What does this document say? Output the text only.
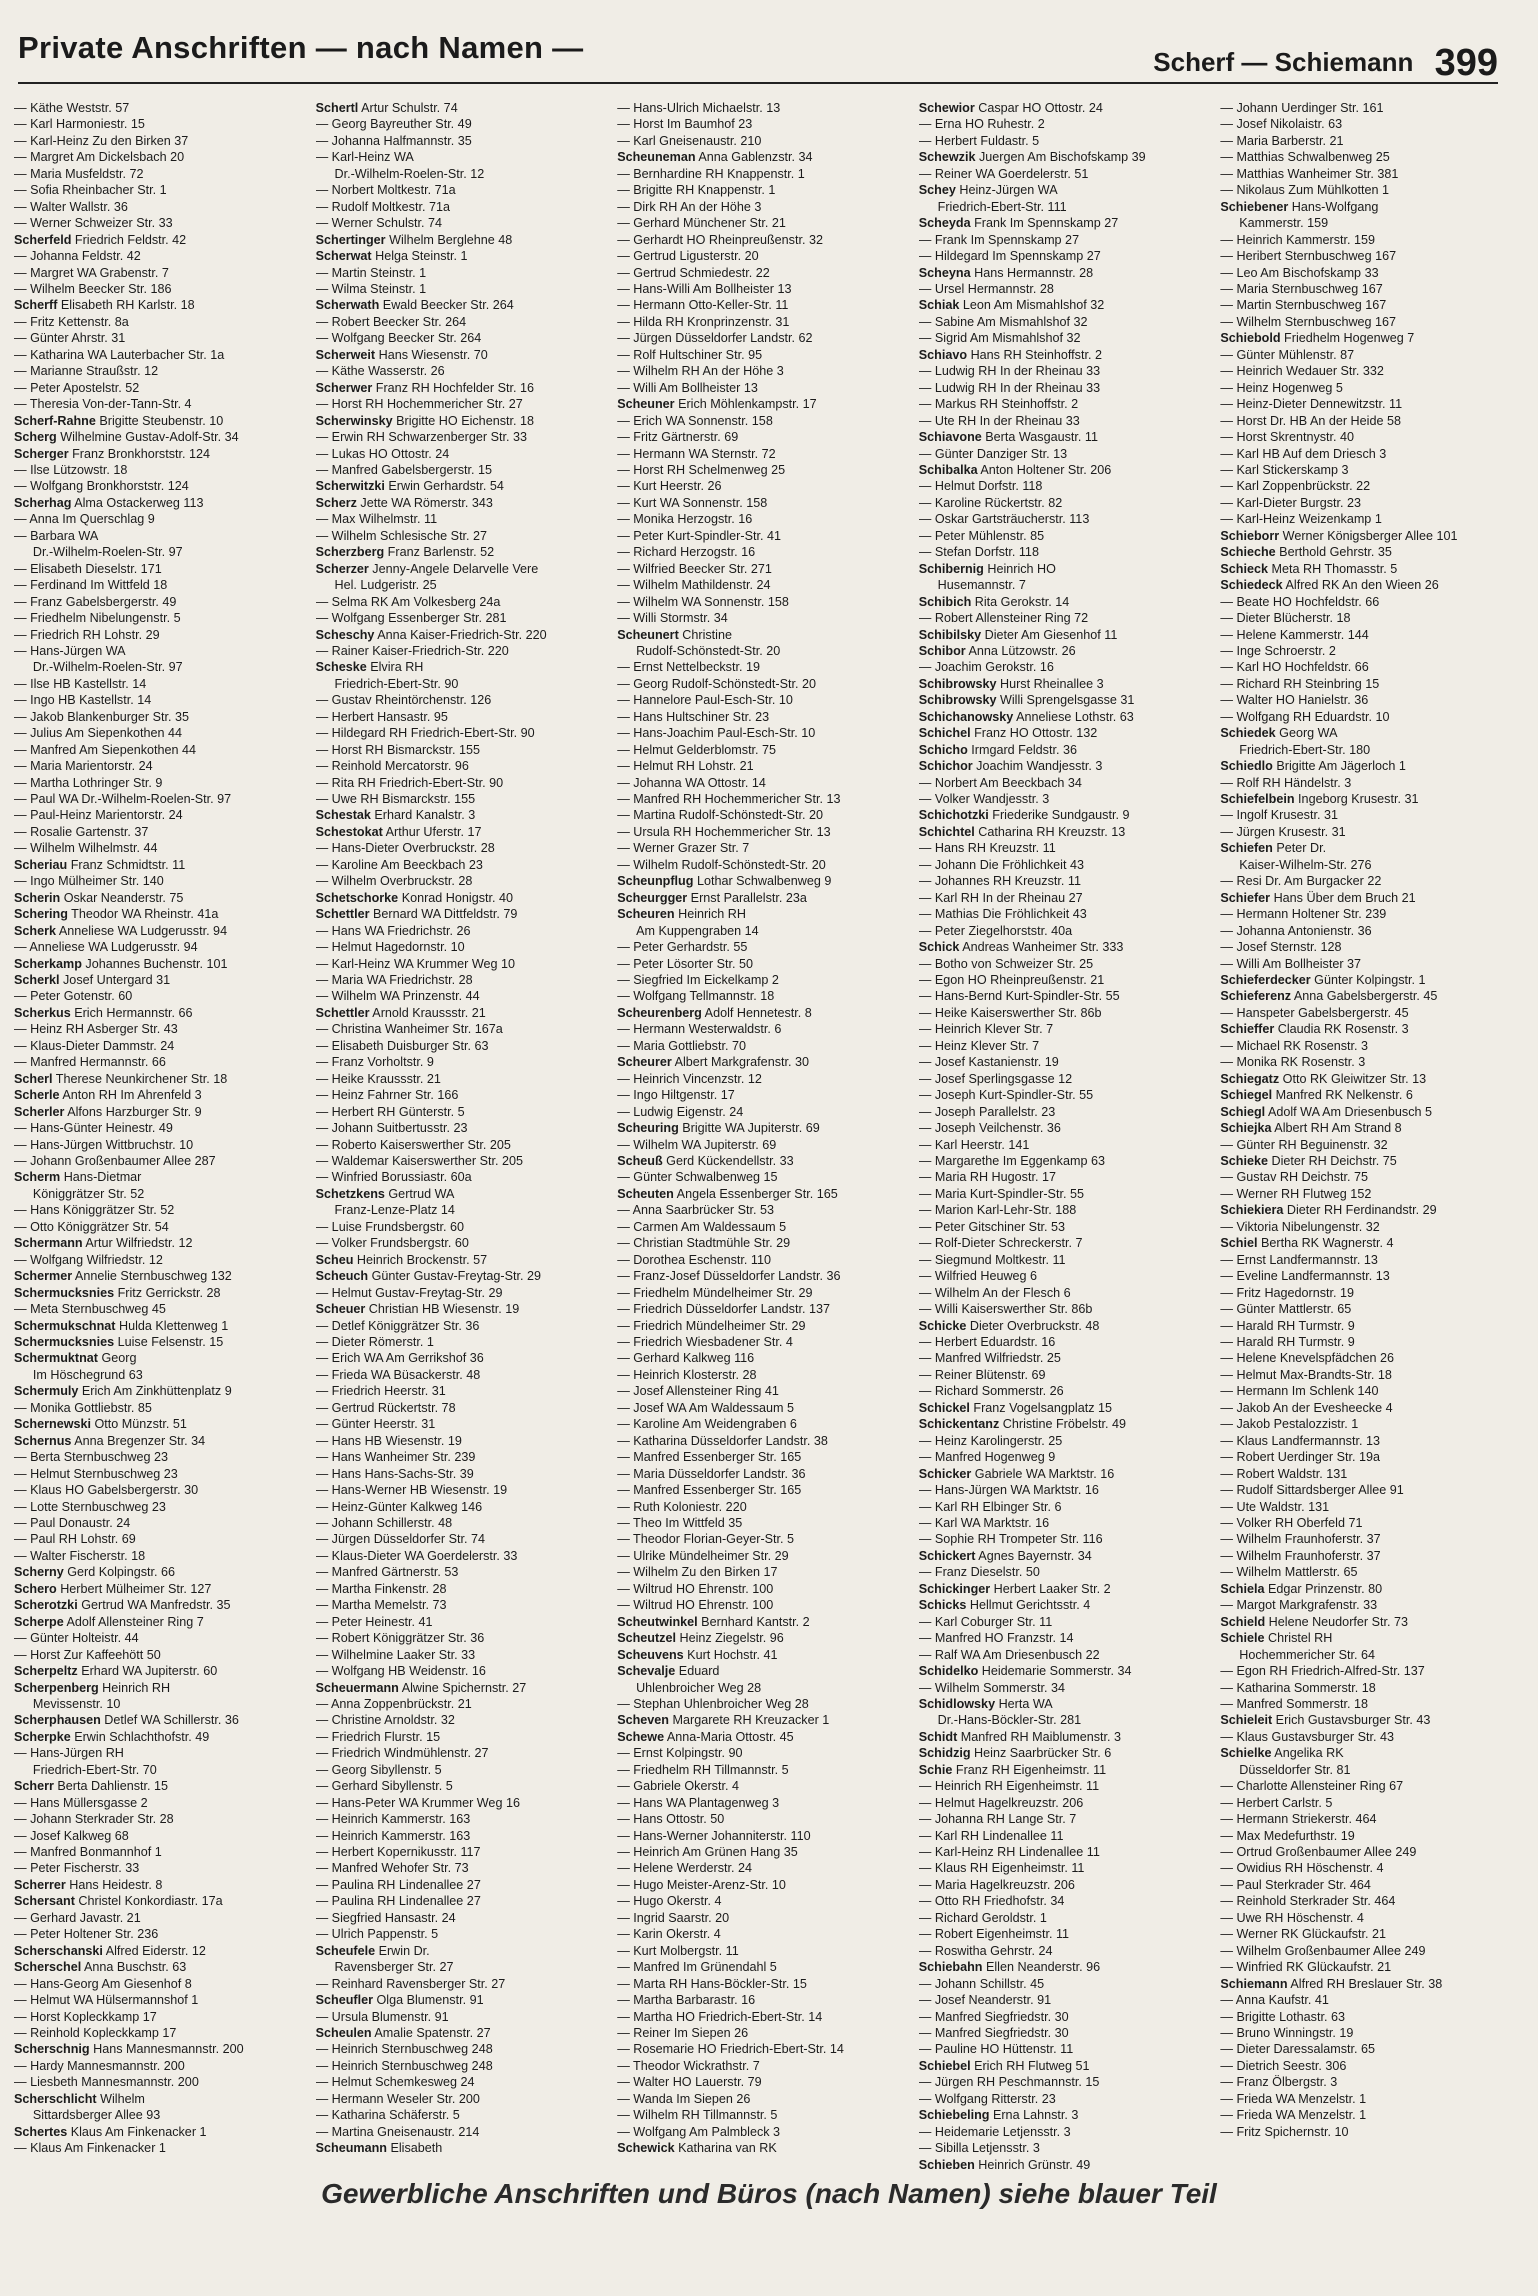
Private Anschriften — nach Namen —	Scherf — Schiemann 399
— Käthe Weststr. 57
— Karl Harmoniestr. 15
— Karl-Heinz Zu den Birken 37
— Margret Am Dickelsbach 20
— Maria Musfeldstr. 72
— Sofia Rheinbacher Str. 1
— Walter Wallstr. 36
— Werner Schweizer Str. 33
Scherfeld Friedrich Feldstr. 42
— Johanna Feldstr. 42
— Margret WA Grabenstr. 7
— Wilhelm Beecker Str. 186
Scherff Elisabeth RH Karlstr. 18
— Fritz Kettenstr. 8a
— Günter Ahrstr. 31
— Katharina WA Lauterbacher Str. 1a
— Marianne Straußstr. 12
— Peter Apostelstr. 52
— Theresia Von-der-Tann-Str. 4
Scherf-Rahne Brigitte Steubenstr. 10
Scherg Wilhelmine Gustav-Adolf-Str. 34
Scherger Franz Bronkhorststr. 124
— Ilse Lützowstr. 18
— Wolfgang Bronkhorststr. 124
Scherhag Alma Ostackerweg 113
— Anna Im Querschlag 9
— Barbara WA
  Dr.-Wilhelm-Roelen-Str. 97
— Elisabeth Dieselstr. 171
— Ferdinand Im Wittfeld 18
— Franz Gabelsbergerstr. 49
— Friedhelm Nibelungenstr. 5
— Friedrich RH Lohstr. 29
— Hans-Jürgen WA
  Dr.-Wilhelm-Roelen-Str. 97
— Ilse HB Kastellstr. 14
— Ingo HB Kastellstr. 14
— Jakob Blankenburger Str. 35
— Julius Am Siepenkothen 44
— Manfred Am Siepenkothen 44
— Maria Marientorstr. 24
— Martha Lothringer Str. 9
— Paul WA Dr.-Wilhelm-Roelen-Str. 97
— Paul-Heinz Marientorstr. 24
— Rosalie Gartenstr. 37
— Wilhelm Wilhelmstr. 44
Scheriau Franz Schmidtstr. 11
— Ingo Mülheimer Str. 140
Scherin Oskar Neanderstr. 75
Schering Theodor WA Rheinstr. 41a
Scherk Anneliese WA Ludgerusstr. 94
— Anneliese WA Ludgerusstr. 94
Scherkamp Johannes Buchenstr. 101
Scherkl Josef Untergard 31
— Peter Gotenstr. 60
Scherkus Erich Hermannstr. 66
— Heinz RH Asberger Str. 43
— Klaus-Dieter Dammstr. 24
— Manfred Hermannstr. 66
Scherl Therese Neunkirchener Str. 18
Scherle Anton RH Im Ahrenfeld 3
Scherler Alfons Harzburger Str. 9
— Hans-Günter Heinestr. 49
— Hans-Jürgen Wittbruchstr. 10
— Johann Großenbaumer Allee 287
Scherm Hans-Dietmar
  Königgrätzer Str. 52
— Hans Königgrätzer Str. 52
— Otto Königgrätzer Str. 54
Schermann Artur Wilfriedstr. 12
— Wolfgang Wilfriedstr. 12
Schermer Annelie Sternbuschweg 132
Schermucksnies Fritz Gerrickstr. 28
— Meta Sternbuschweg 45
Schermukschnat Hulda Klettenweg 1
Schermucksnies Luise Felsenstr. 15
Schermuktnat Georg
  Im Höschegrund 63
Schermuly Erich Am Zinkhüttenplatz 9
— Monika Gottliebstr. 85
Schernewski Otto Münzstr. 51
Schernus Anna Bregenzer Str. 34
— Berta Sternbuschweg 23
— Helmut Sternbuschweg 23
— Klaus HO Gabelsbergerstr. 30
— Lotte Sternbuschweg 23
— Paul Donaustr. 24
— Paul RH Lohstr. 69
— Walter Fischerstr. 18
Scherny Gerd Kolpingstr. 66
Schero Herbert Mülheimer Str. 127
Scherotzki Gertrud WA Manfredstr. 35
Scherpe Adolf Allensteiner Ring 7
— Günter Holteistr. 44
— Horst Zur Kaffeehött 50
Scherpeltz Erhard WA Jupiterstr. 60
Scherpenberg Heinrich RH
  Mevissenstr. 10
Scherphausen Detlef WA Schillerstr. 36
Scherpke Erwin Schlachthofstr. 49
— Hans-Jürgen RH
  Friedrich-Ebert-Str. 70
Scherr Berta Dahlienstr. 15
— Hans Müllersgasse 2
— Johann Sterkrader Str. 28
— Josef Kalkweg 68
— Manfred Bonmannhof 1
— Peter Fischerstr. 33
Scherrer Hans Heidestr. 8
Schersant Christel Konkordiastr. 17a
— Gerhard Javastr. 21
— Peter Holtener Str. 236
Scherschanski Alfred Eiderstr. 12
Scherschel Anna Buschstr. 63
— Hans-Georg Am Giesenhof 8
— Helmut WA Hülsermannshof 1
— Horst Kopleckkamp 17
— Reinhold Kopleckkamp 17
Scherschnig Hans Mannesmannstr. 200
— Hardy Mannesmannstr. 200
— Liesbeth Mannesmannstr. 200
Scherschlicht Wilhelm
  Sittardsberger Allee 93
Schertes Klaus Am Finkenacker 1
— Klaus Am Finkenacker 1
Schertl Artur Schulstr. 74
— Georg Bayreuther Str. 49
— Johanna Halfmannstr. 35
— Karl-Heinz WA
  Dr.-Wilhelm-Roelen-Str. 12
— Norbert Moltkestr. 71a
— Rudolf Moltkestr. 71a
— Werner Schulstr. 74
Schertinger Wilhelm Berglehne 48
Scherwat Helga Steinstr. 1
— Martin Steinstr. 1
— Wilma Steinstr. 1
Scherwath Ewald Beecker Str. 264
— Robert Beecker Str. 264
— Wolfgang Beecker Str. 264
Scherweit Hans Wiesenstr. 70
— Käthe Wasserstr. 26
Scherwer Franz RH Hochfelder Str. 16
— Horst RH Hochemmericher Str. 27
Scherwinsky Brigitte HO Eichenstr. 18
— Erwin RH Schwarzenberger Str. 33
— Lukas HO Ottostr. 24
— Manfred Gabelsbergerstr. 15
Scherwitzki Erwin Gerhardstr. 54
Scherz Jette WA Römerstr. 343
— Max Wilhelmstr. 11
— Wilhelm Schlesische Str. 27
Scherzberg Franz Barlenstr. 52
Scherzer Jenny-Angele Delarvelle Vere
  Hel. Ludgeristr. 25
— Selma RK Am Volkesberg 24a
— Wolfgang Essenberger Str. 281
Scheschy Anna Kaiser-Friedrich-Str. 220
— Rainer Kaiser-Friedrich-Str. 220
Scheske Elvira RH
  Friedrich-Ebert-Str. 90
— Gustav Rheintörchenstr. 126
— Herbert Hansastr. 95
— Hildegard RH Friedrich-Ebert-Str. 90
— Horst RH Bismarckstr. 155
— Reinhold Mercatorstr. 96
— Rita RH Friedrich-Ebert-Str. 90
— Uwe RH Bismarckstr. 155
Schestak Erhard Kanalstr. 3
Schestokat Arthur Uferstr. 17
— Hans-Dieter Overbruckstr. 28
— Karoline Am Beeckbach 23
— Wilhelm Overbruckstr. 28
Schetschorke Konrad Honigstr. 40
Schettler Bernard WA Dittfeldstr. 79
— Hans WA Friedrichstr. 26
— Helmut Hagedornstr. 10
— Karl-Heinz WA Krummer Weg 10
— Maria WA Friedrichstr. 28
— Wilhelm WA Prinzenstr. 44
Schettler Arnold Kraussstr. 21
— Christina Wanheimer Str. 167a
— Elisabeth Duisburger Str. 63
— Franz Vorholtstr. 9
— Heike Kraussstr. 21
— Heinz Fahrner Str. 166
— Herbert RH Günterstr. 5
— Johann Suitbertusstr. 23
— Roberto Kaiserswerther Str. 205
— Waldemar Kaiserswerther Str. 205
— Winfried Borussiastr. 60a
Schetzkens Gertrud WA
  Franz-Lenze-Platz 14
— Luise Frundsbergstr. 60
— Volker Frundsbergstr. 60
Scheu Heinrich Brockenstr. 57
Scheuch Günter Gustav-Freytag-Str. 29
— Helmut Gustav-Freytag-Str. 29
Scheuer Christian HB Wiesenstr. 19
— Detlef Königgrätzer Str. 36
— Dieter Römerstr. 1
— Erich WA Am Gerrikshof 36
— Frieda WA Büsackerstr. 48
— Friedrich Heerstr. 31
— Gertrud Rückertstr. 78
— Günter Heerstr. 31
— Hans HB Wiesenstr. 19
— Hans Wanheimer Str. 239
— Hans Hans-Sachs-Str. 39
— Hans-Werner HB Wiesenstr. 19
— Heinz-Günter Kalkweg 146
— Johann Schillerstr. 48
— Jürgen Düsseldorfer Str. 74
— Klaus-Dieter WA Goerdelerstr. 33
— Manfred Gärtnerstr. 53
— Martha Finkenstr. 28
— Martha Memelstr. 73
— Peter Heinestr. 41
— Robert Königgrätzer Str. 36
— Wilhelmine Laaker Str. 33
— Wolfgang HB Weidenstr. 16
Scheuermann Alwine Spichernstr. 27
— Anna Zoppenbrückstr. 21
— Christine Arnoldstr. 32
— Friedrich Flurstr. 15
— Friedrich Windmühlenstr. 27
— Georg Sibyllenstr. 5
— Gerhard Sibyllenstr. 5
— Hans-Peter WA Krummer Weg 16
— Heinrich Kammerstr. 163
— Heinrich Kammerstr. 163
— Herbert Kopernikusstr. 117
— Manfred Wehofer Str. 73
— Paulina RH Lindenallee 27
— Paulina RH Lindenallee 27
— Siegfried Hansastr. 24
— Ulrich Pappenstr. 5
Scheufele Erwin Dr.
  Ravensberger Str. 27
— Reinhard Ravensberger Str. 27
Scheufler Olga Blumenstr. 91
— Ursula Blumenstr. 91
Scheulen Amalie Spatenstr. 27
— Heinrich Sternbuschweg 248
— Heinrich Sternbuschweg 248
— Helmut Schemkesweg 24
— Hermann Weseler Str. 200
— Katharina Schäferstr. 5
— Martina Gneisenaustr. 214
Scheumann Elisabeth
— Hans-Ulrich Michaelstr. 13
— Horst Im Baumhof 23
— Karl Gneisenaustr. 210
Scheuneman Anna Gablenzstr. 34
— Bernhardine RH Knappenstr. 1
— Brigitte RH Knappenstr. 1
— Dirk RH An der Höhe 3
— Gerhard Münchener Str. 21
— Gerhardt HO Rheinpreußenstr. 32
— Gertrud Ligusterstr. 20
— Gertrud Schmiedestr. 22
— Hans-Willi Am Bollheister 13
— Hermann Otto-Keller-Str. 11
— Hilda RH Kronprinzenstr. 31
— Jürgen Düsseldorfer Landstr. 62
— Rolf Hultschiner Str. 95
— Wilhelm RH An der Höhe 3
— Willi Am Bollheister 13
Scheuner Erich Möhlenkampstr. 17
— Erich WA Sonnenstr. 158
— Fritz Gärtnerstr. 69
— Hermann WA Sternstr. 72
— Horst RH Schelmenweg 25
— Kurt Heerstr. 26
— Kurt WA Sonnenstr. 158
— Monika Herzogstr. 16
— Peter Kurt-Spindler-Str. 41
— Richard Herzogstr. 16
— Wilfried Beecker Str. 271
— Wilhelm Mathildenstr. 24
— Wilhelm WA Sonnenstr. 158
— Willi Stormstr. 34
Scheunert Christine
  Rudolf-Schönstedt-Str. 20
— Ernst Nettelbeckstr. 19
— Georg Rudolf-Schönstedt-Str. 20
— Hannelore Paul-Esch-Str. 10
— Hans Hultschiner Str. 23
— Hans-Joachim Paul-Esch-Str. 10
— Helmut Gelderblomstr. 75
— Helmut RH Lohstr. 21
— Johanna WA Ottostr. 14
— Manfred RH Hochemmericher Str. 13
— Martina Rudolf-Schönstedt-Str. 20
— Ursula RH Hochemmericher Str. 13
— Werner Grazer Str. 7
— Wilhelm Rudolf-Schönstedt-Str. 20
Scheunpflug Lothar Schwalbenweg 9
Scheurgger Ernst Parallelstr. 23a
Scheuren Heinrich RH
  Am Kuppengraben 14
— Peter Gerhardstr. 55
— Peter Lösorter Str. 50
— Siegfried Im Eickelkamp 2
— Wolfgang Tellmannstr. 18
Scheurenberg Adolf Hennetestr. 8
— Hermann Westerwaldstr. 6
— Maria Gottliebstr. 70
Scheurer Albert Markgrafenstr. 30
— Heinrich Vincenzstr. 12
— Ingo Hiltgenstr. 17
— Ludwig Eigenstr. 24
Scheuring Brigitte WA Jupiterstr. 69
— Wilhelm WA Jupiterstr. 69
Scheuß Gerd Kückendellstr. 33
— Günter Schwalbenweg 15
Scheuten Angela Essenberger Str. 165
— Anna Saarbrücker Str. 53
— Carmen Am Waldessaum 5
— Christian Stadtmühle Str. 29
— Dorothea Eschenstr. 110
— Franz-Josef Düsseldorfer Landstr. 36
— Friedhelm Mündelheimer Str. 29
— Friedrich Düsseldorfer Landstr. 137
— Friedrich Mündelheimer Str. 29
— Friedrich Wiesbadener Str. 4
— Gerhard Kalkweg 116
— Heinrich Klosterstr. 28
— Josef Allensteiner Ring 41
— Josef WA Am Waldessaum 5
— Karoline Am Weidengraben 6
— Katharina Düsseldorfer Landstr. 38
— Manfred Essenberger Str. 165
— Maria Düsseldorfer Landstr. 36
— Manfred Essenberger Str. 165
— Ruth Koloniestr. 220
— Theo Im Wittfeld 35
— Theodor Florian-Geyer-Str. 5
— Ulrike Mündelheimer Str. 29
— Wilhelm Zu den Birken 17
— Wiltrud HO Ehrenstr. 100
— Wiltrud HO Ehrenstr. 100
Scheutwinkel Bernhard Kantstr. 2
Scheutzel Heinz Ziegelstr. 96
Scheuvens Kurt Hochstr. 41
Schevalje Eduard
  Uhlenbroicher Weg 28
— Stephan Uhlenbroicher Weg 28
Scheven Margarete RH Kreuzacker 1
Schewe Anna-Maria Ottostr. 45
— Ernst Kolpingstr. 90
— Friedhelm RH Tillmannstr. 5
— Gabriele Okerstr. 4
— Hans WA Plantagenweg 3
— Hans Ottostr. 50
— Hans-Werner Johanniterstr. 110
— Heinrich Am Grünen Hang 35
— Helene Werderstr. 24
— Hugo Meister-Arenz-Str. 10
— Hugo Okerstr. 4
— Ingrid Saarstr. 20
— Karin Okerstr. 4
— Kurt Molbergstr. 11
— Manfred Im Grünendahl 5
— Marta RH Hans-Böckler-Str. 15
— Martha Barbarastr. 16
— Martha HO Friedrich-Ebert-Str. 14
— Reiner Im Siepen 26
— Rosemarie HO Friedrich-Ebert-Str. 14
— Theodor Wickrathstr. 7
— Walter HO Lauerstr. 79
— Wanda Im Siepen 26
— Wilhelm RH Tillmannstr. 5
— Wolfgang Am Palmbleck 3
Schewick Katharina van RK
Schewior Caspar HO Ottostr. 24
— Erna HO Ruhestr. 2
— Herbert Fuldastr. 5
Schewzik Juergen Am Bischofskamp 39
— Reiner WA Goerdelerstr. 51
Schey Heinz-Jürgen WA
  Friedrich-Ebert-Str. 111
Scheyda Frank Im Spennskamp 27
— Frank Im Spennskamp 27
— Hildegard Im Spennskamp 27
Scheyna Hans Hermannstr. 28
— Ursel Hermannstr. 28
Schiak Leon Am Mismahlshof 32
— Sabine Am Mismahlshof 32
— Sigrid Am Mismahlshof 32
Schiavo Hans RH Steinhoffstr. 2
— Ludwig RH In der Rheinau 33
— Ludwig RH In der Rheinau 33
— Markus RH Steinhoffstr. 2
— Ute RH In der Rheinau 33
Schiavone Berta Wasgaustr. 11
— Günter Danziger Str. 13
Schibalka Anton Holtener Str. 206
— Helmut Dorfstr. 118
— Karoline Rückertstr. 82
— Oskar Gartsträucherstr. 113
— Peter Mühlenstr. 85
— Stefan Dorfstr. 118
Schibernig Heinrich HO
  Husemannstr. 7
Schibich Rita Gerokstr. 14
— Robert Allensteiner Ring 72
Schibilsky Dieter Am Giesenhof 11
Schibor Anna Lützowstr. 26
— Joachim Gerokstr. 16
Schibrowsky Hurst Rheinallee 3
Schibrowsky Willi Sprengelsgasse 31
Schichanowsky Anneliese Lothstr. 63
Schichel Franz HO Ottostr. 132
Schicho Irmgard Feldstr. 36
Schichor Joachim Wandjesstr. 3
— Norbert Am Beeckbach 34
— Volker Wandjesstr. 3
Schichotzki Friederike Sundgaustr. 9
Schichtel Catharina RH Kreuzstr. 13
— Hans RH Kreuzstr. 11
— Johann Die Fröhlichkeit 43
— Johannes RH Kreuzstr. 11
— Karl RH In der Rheinau 27
— Mathias Die Fröhlichkeit 43
— Peter Ziegelhorststr. 40a
Schick Andreas Wanheimer Str. 333
— Botho von Schweizer Str. 25
— Egon HO Rheinpreußenstr. 21
— Hans-Bernd Kurt-Spindler-Str. 55
— Heike Kaiserswerther Str. 86b
— Heinrich Klever Str. 7
— Heinz Klever Str. 7
— Josef Kastanienstr. 19
— Josef Sperlingsgasse 12
— Joseph Kurt-Spindler-Str. 55
— Joseph Parallelstr. 23
— Joseph Veilchenstr. 36
— Karl Heerstr. 141
— Margarethe Im Eggenkamp 63
— Maria RH Hugostr. 17
— Maria Kurt-Spindler-Str. 55
— Marion Karl-Lehr-Str. 188
— Peter Gitschiner Str. 53
— Rolf-Dieter Schreckerstr. 7
— Siegmund Moltkestr. 11
— Wilfried Heuweg 6
— Wilhelm An der Flesch 6
— Willi Kaiserswerther Str. 86b
Schicke Dieter Overbruckstr. 48
— Herbert Eduardstr. 16
— Manfred Wilfriedstr. 25
— Reiner Blütenstr. 69
— Richard Sommerstr. 26
Schickel Franz Vogelsangplatz 15
Schickentanz Christine Fröbelstr. 49
— Heinz Karolingerstr. 25
— Manfred Hogenweg 9
Schicker Gabriele WA Marktstr. 16
— Hans-Jürgen WA Marktstr. 16
— Karl RH Elbinger Str. 6
— Karl WA Marktstr. 16
— Sophie RH Trompeter Str. 116
Schickert Agnes Bayernstr. 34
— Franz Dieselstr. 50
Schickinger Herbert Laaker Str. 2
Schicks Hellmut Gerichtsstr. 4
— Karl Coburger Str. 11
— Manfred HO Franzstr. 14
— Ralf WA Am Driesenbusch 22
Schidelko Heidemarie Sommerstr. 34
— Wilhelm Sommerstr. 34
Schidlowsky Herta WA
  Dr.-Hans-Böckler-Str. 281
Schidt Manfred RH Maiblumenstr. 3
Schidzig Heinz Saarbrücker Str. 6
Schie Franz RH Eigenheimstr. 11
— Heinrich RH Eigenheimstr. 11
— Helmut Hagelkreuzstr. 206
— Johanna RH Lange Str. 7
— Karl RH Lindenallee 11
— Karl-Heinz RH Lindenallee 11
— Klaus RH Eigenheimstr. 11
— Maria Hagelkreuzstr. 206
— Otto RH Friedhofstr. 34
— Richard Geroldstr. 1
— Robert Eigenheimstr. 11
— Roswitha Gehrstr. 24
Schiebahn Ellen Neanderstr. 96
— Johann Schillstr. 45
— Josef Neanderstr. 91
— Manfred Siegfriedstr. 30
— Manfred Siegfriedstr. 30
— Pauline HO Hüttenstr. 11
Schiebel Erich RH Flutweg 51
— Jürgen RH Peschmannstr. 15
— Wolfgang Ritterstr. 23
Schiebeling Erna Lahnstr. 3
— Heidemarie Letjensstr. 3
— Sibilla Letjensstr. 3
Schieben Heinrich Grünstr. 49
— Johann Uerdinger Str. 161
— Josef Nikolaistr. 63
— Maria Barberstr. 21
— Matthias Schwalbenweg 25
— Matthias Wanheimer Str. 381
— Nikolaus Zum Mühlkotten 1
Schiebener Hans-Wolfgang
  Kammerstr. 159
— Heinrich Kammerstr. 159
— Heribert Sternbuschweg 167
— Leo Am Bischofskamp 33
— Maria Sternbuschweg 167
— Martin Sternbuschweg 167
— Wilhelm Sternbuschweg 167
Schiebold Friedhelm Hogenweg 7
— Günter Mühlenstr. 87
— Heinrich Wedauer Str. 332
— Heinz Hogenweg 5
— Heinz-Dieter Dennewitzstr. 11
— Horst Dr. HB An der Heide 58
— Horst Skrentnystr. 40
— Karl HB Auf dem Driesch 3
— Karl Stickerskamp 3
— Karl Zoppenbrückstr. 22
— Karl-Dieter Burgstr. 23
— Karl-Heinz Weizenkamp 1
Schieborr Werner Königsberger Allee 101
Schieche Berthold Gehrstr. 35
Schieck Meta RH Thomasstr. 5
Schiedeck Alfred RK An den Wieen 26
— Beate HO Hochfeldstr. 66
— Dieter Blücherstr. 18
— Helene Kammerstr. 144
— Inge Schroerstr. 2
— Karl HO Hochfeldstr. 66
— Richard RH Steinbring 15
— Walter HO Hanielstr. 36
— Wolfgang RH Eduardstr. 10
Schiedek Georg WA
  Friedrich-Ebert-Str. 180
Schiedlo Brigitte Am Jägerloch 1
— Rolf RH Händelstr. 3
Schiefelbein Ingeborg Krusestr. 31
— Ingolf Krusestr. 31
— Jürgen Krusestr. 31
Schiefen Peter Dr.
  Kaiser-Wilhelm-Str. 276
— Resi Dr. Am Burgacker 22
Schiefer Hans Über dem Bruch 21
— Hermann Holtener Str. 239
— Johanna Antonienstr. 36
— Josef Sternstr. 128
— Willi Am Bollheister 37
Schieferdecker Günter Kolpingstr. 1
Schieferenz Anna Gabelsbergerstr. 45
— Hanspeter Gabelsbergerstr. 45
Schieffer Claudia RK Rosenstr. 3
— Michael RK Rosenstr. 3
— Monika RK Rosenstr. 3
Schiegatz Otto RK Gleiwitzer Str. 13
Schiegel Manfred RK Nelkenstr. 6
Schiegl Adolf WA Am Driesenbusch 5
Schiejka Albert RH Am Strand 8
— Günter RH Beguinenstr. 32
Schieke Dieter RH Deichstr. 75
— Gustav RH Deichstr. 75
— Werner RH Flutweg 152
Schiekiera Dieter RH Ferdinandstr. 29
— Viktoria Nibelungenstr. 32
Schiel Bertha RK Wagnerstr. 4
— Ernst Landfermannstr. 13
— Eveline Landfermannstr. 13
— Fritz Hagedornstr. 19
— Günter Mattlerstr. 65
— Harald RH Turmstr. 9
— Harald RH Turmstr. 9
— Helene Knevelspfädchen 26
— Helmut Max-Brandts-Str. 18
— Hermann Im Schlenk 140
— Jakob An der Evesheecke 4
— Jakob Pestalozzistr. 1
— Klaus Landfermannstr. 13
— Robert Uerdinger Str. 19a
— Robert Waldstr. 131
— Rudolf Sittardsberger Allee 91
— Ute Waldstr. 131
— Volker RH Oberfeld 71
— Wilhelm Fraunhoferstr. 37
— Wilhelm Fraunhoferstr. 37
— Wilhelm Mattlerstr. 65
Schiela Edgar Prinzenstr. 80
— Margot Markgrafenstr. 33
Schield Helene Neudorfer Str. 73
Schiele Christel RH
  Hochemmericher Str. 64
— Egon RH Friedrich-Alfred-Str. 137
— Katharina Sommerstr. 18
— Manfred Sommerstr. 18
Schieleit Erich Gustavsburger Str. 43
— Klaus Gustavsburger Str. 43
Schielke Angelika RK
  Düsseldorfer Str. 81
— Charlotte Allensteiner Ring 67
— Herbert Carlstr. 5
— Hermann Striekerstr. 464
— Max Medefurthstr. 19
— Ortrud Großenbaumer Allee 249
— Owidius RH Höschenstr. 4
— Paul Sterkrader Str. 464
— Reinhold Sterkrader Str. 464
— Uwe RH Höschenstr. 4
— Werner RK Glückaufstr. 21
— Wilhelm Großenbaumer Allee 249
— Winfried RK Glückaufstr. 21
Schiemann Alfred RH Breslauer Str. 38
— Anna Kaufstr. 41
— Brigitte Lothastr. 63
— Bruno Winningstr. 19
— Dieter Daressalamstr. 65
— Dietrich Seestr. 306
— Franz Ölbergstr. 3
— Frieda WA Menzelstr. 1
— Frieda WA Menzelstr. 1
— Fritz Spichernstr. 10
Gewerbliche Anschriften und Büros (nach Namen) siehe blauer Teil
